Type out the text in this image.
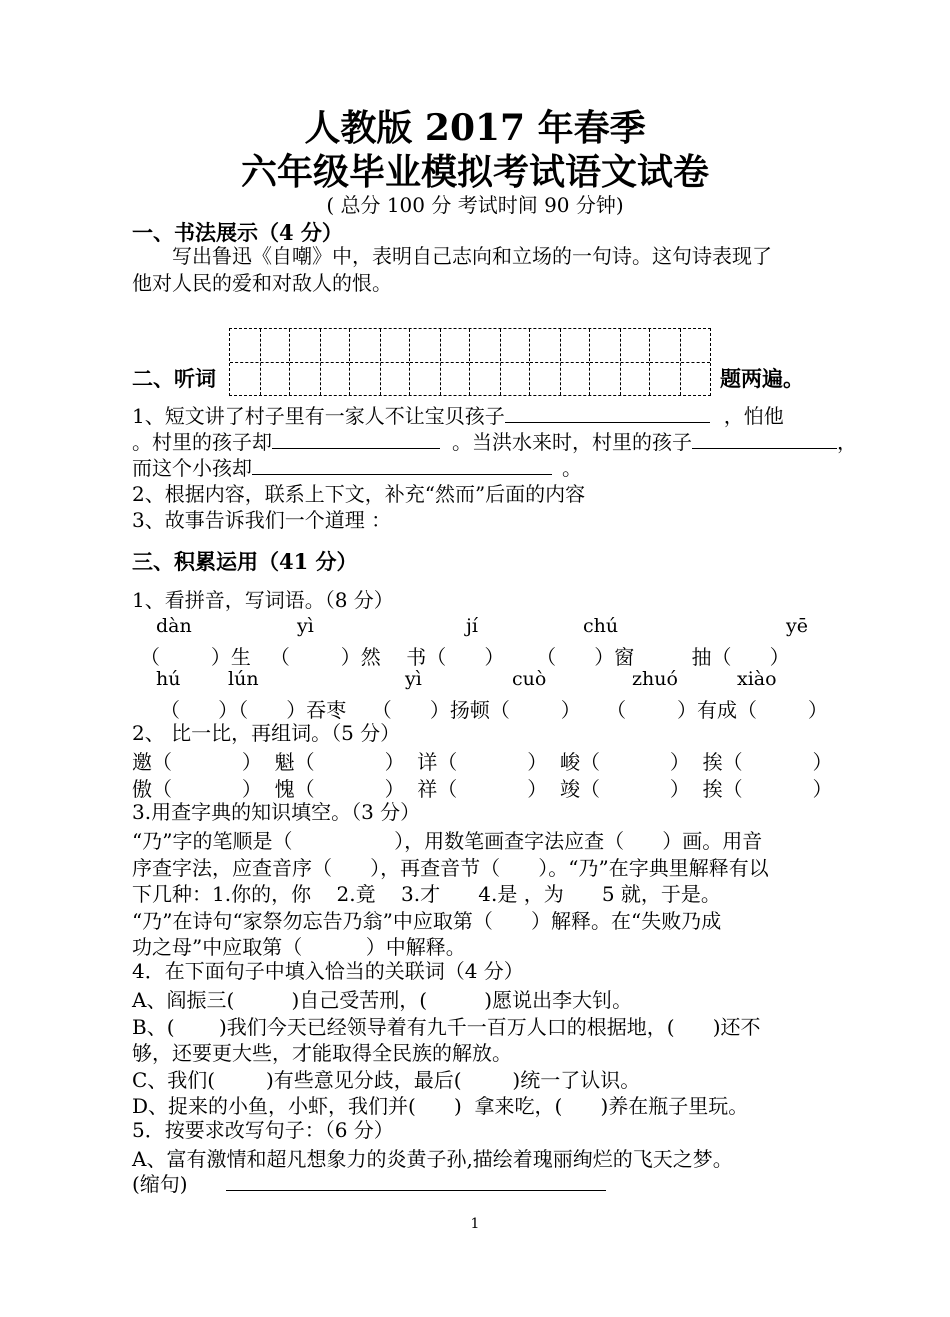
人教版 2017 年春季
六年级毕业模拟考试语文试卷
( 总分 100 分 考试时间 90 分钟)
一、书法展示（4 分）
写出鲁迅《自嘲》中，表明自己志向和立场的一句诗。这句诗表现了
他对人民的爱和对敌人的恨。
二、听词	题两遍。
1、短文讲了村子里有一家人不让宝贝孩子	，怕他
。村里的孩子却	。当洪水来时，村里的孩子	，
而这个小孩却	。
2、根据内容，联系上下文，补充“然而”后面的内容
3、故事告诉我们一个道理 ：
三、积累运用（41 分）
1、看拼音，写词语。（8 分）
dàn	yì	jí	chú	yē
（        ）生   （        ）然    书（      ）     （      ）窗         抽（      ）
hú	lún	yì	cuò	zhuó	xiào
（      ）（      ）吞枣    （      ）扬顿（        ）    （        ）有成（        ）
2、 比一比，再组词。（5 分）
邀（           ）  魁（           ）  详（           ）  峻（           ）  挨（           ）
傲（           ）  愧（           ）  祥（           ）  竣（           ）  挨（           ）
3.用查字典的知识填空。（3 分）
“乃”字的笔顺是（                ），用数笔画查字法应查（      ）画。用音
序查字法，应查音序（      ），再查音节（      ）。“乃”在字典里解释有以
下几种：1.你的，你    2.竟    3.才      4.是 ，为      5 就，于是。
“乃”在诗句“家祭勿忘告乃翁”中应取第（      ）解释。在“失败乃成
功之母”中应取第（          ）中解释。
4．在下面句子中填入恰当的关联词（4 分）
A、阎振三(         )自己受苦刑，(         )愿说出李大钊。
B、(       )我们今天已经领导着有九千一百万人口的根据地，(      )还不
够，还要更大些，才能取得全民族的解放。
C、我们(        )有些意见分歧，最后(        )统一了认识。
D、捉来的小鱼，小虾，我们并(      )  拿来吃，(      )养在瓶子里玩。
5．按要求改写句子：（6 分）
A、富有激情和超凡想象力的炎黄子孙,描绘着瑰丽绚烂的飞天之梦。
(缩句)
1
